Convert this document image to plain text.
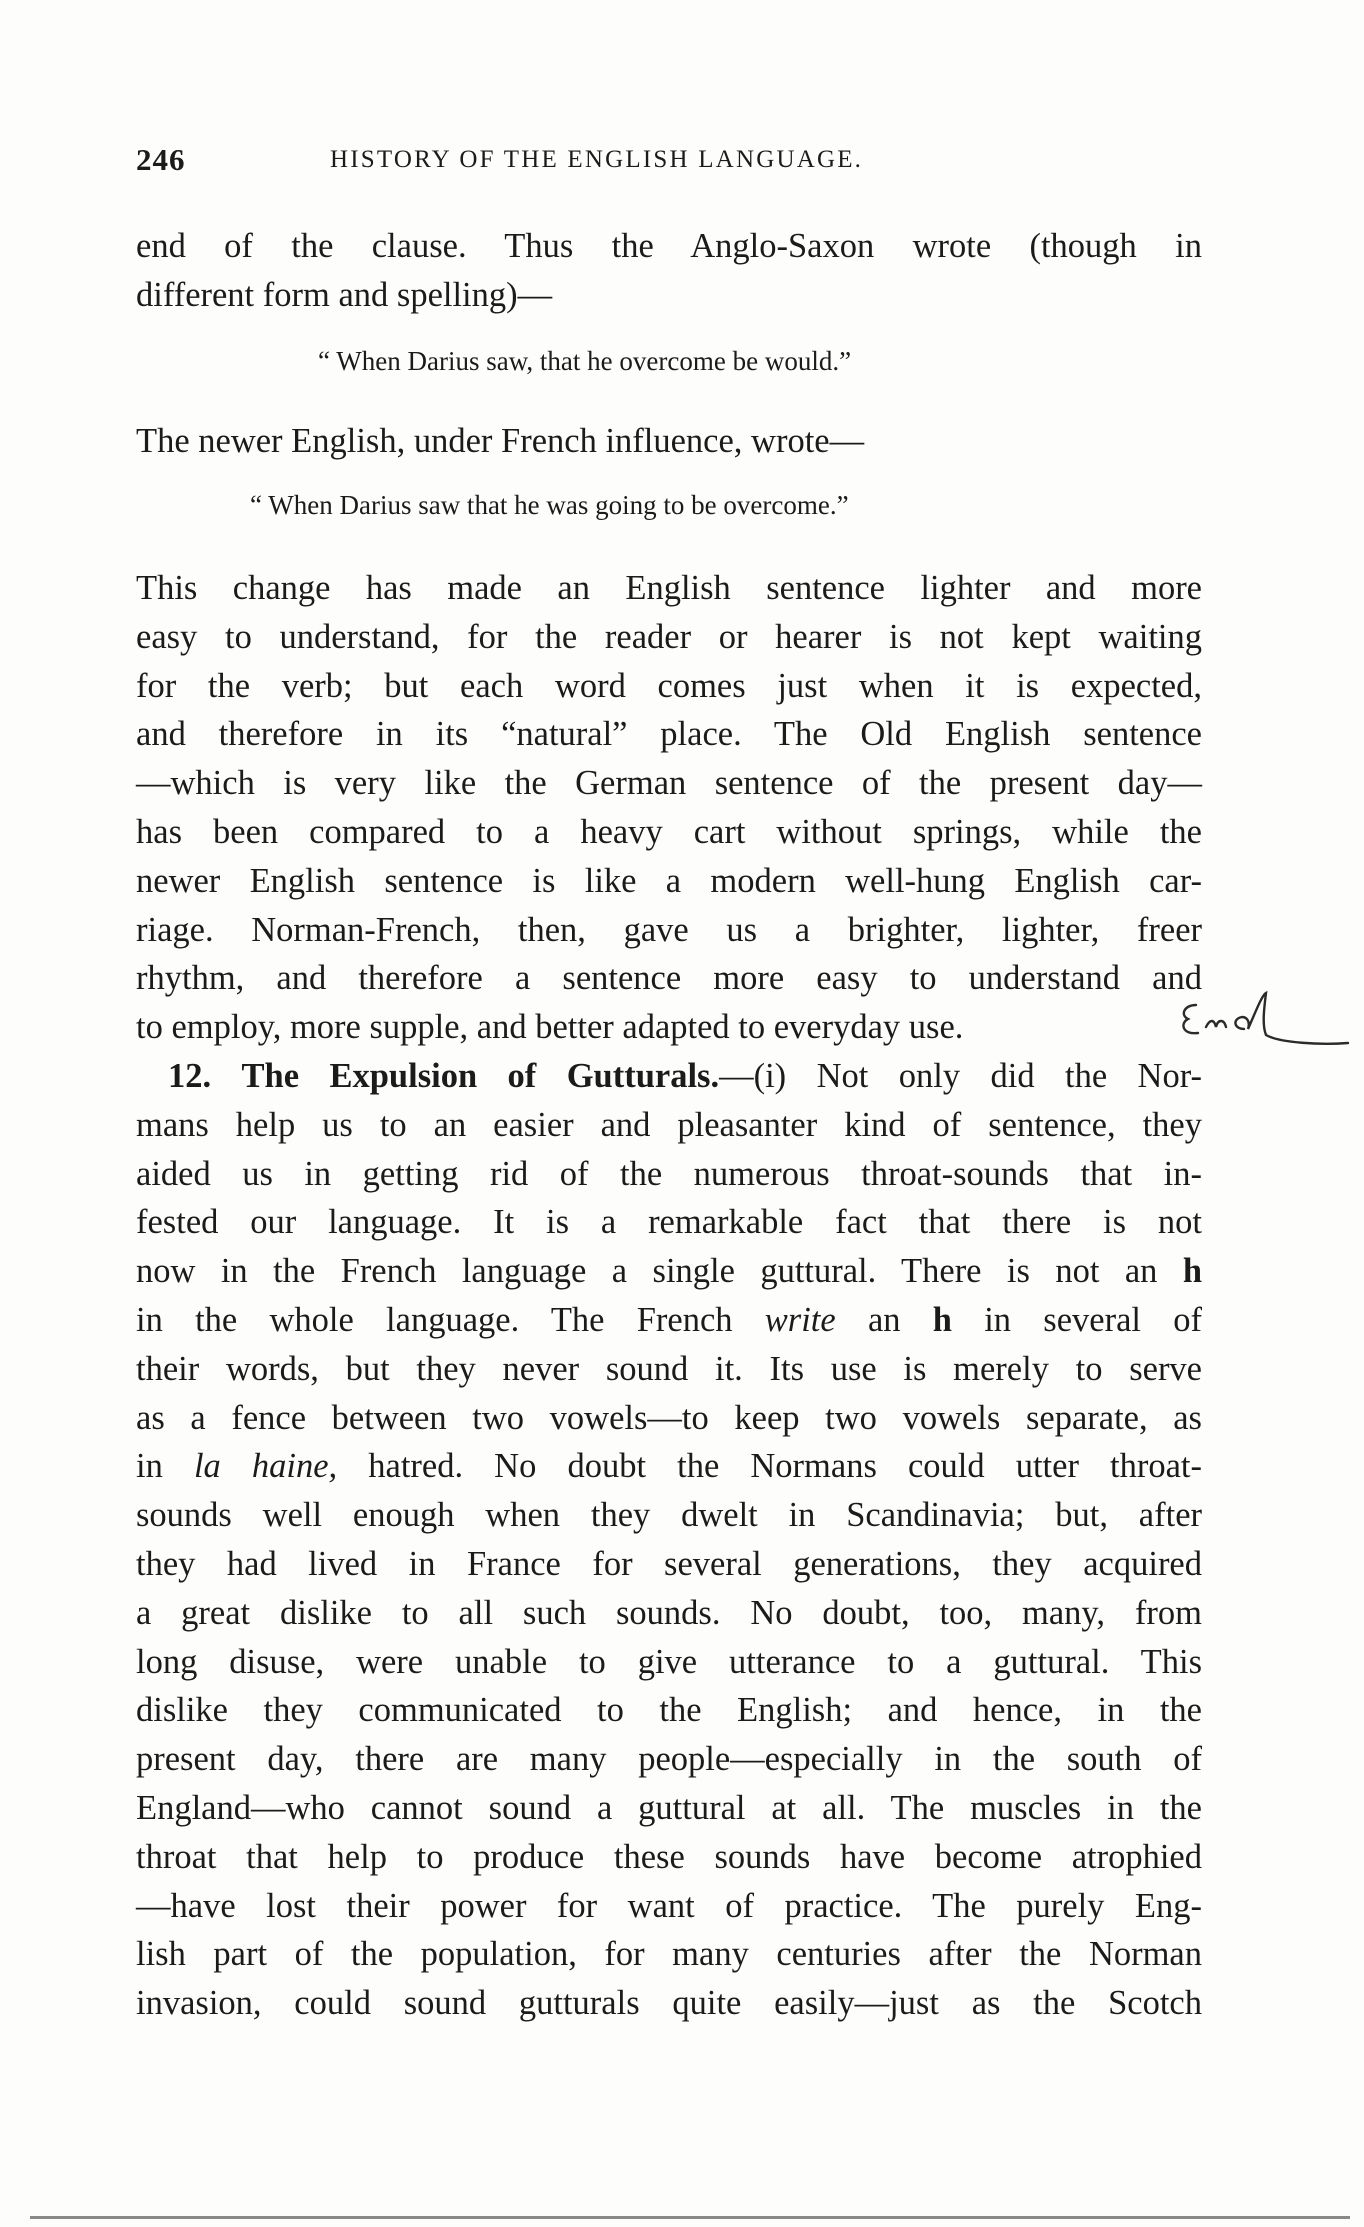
246	HISTORY OF THE ENGLISH LANGUAGE.
end of the clause. Thus the Anglo-Saxon wrote (though in
different form and spelling)—
“ When Darius saw, that he overcome be would.”
The newer English, under French influence, wrote—
“ When Darius saw that he was going to be overcome.”
This change has made an English sentence lighter and more
easy to understand, for the reader or hearer is not kept waiting
for the verb; but each word comes just when it is expected,
and therefore in its “natural” place. The Old English sentence
—which is very like the German sentence of the present day—
has been compared to a heavy cart without springs, while the
newer English sentence is like a modern well-hung English car-
riage. Norman-French, then, gave us a brighter, lighter, freer
rhythm, and therefore a sentence more easy to understand and
to employ, more supple, and better adapted to everyday use.
12. The Expulsion of Gutturals.—(i) Not only did the Nor-
mans help us to an easier and pleasanter kind of sentence, they
aided us in getting rid of the numerous throat-sounds that in-
fested our language. It is a remarkable fact that there is not
now in the French language a single guttural. There is not an h
in the whole language. The French write an h in several of
their words, but they never sound it. Its use is merely to serve
as a fence between two vowels—to keep two vowels separate, as
in la haine, hatred. No doubt the Normans could utter throat-
sounds well enough when they dwelt in Scandinavia; but, after
they had lived in France for several generations, they acquired
a great dislike to all such sounds. No doubt, too, many, from
long disuse, were unable to give utterance to a guttural. This
dislike they communicated to the English; and hence, in the
present day, there are many people—especially in the south of
England—who cannot sound a guttural at all. The muscles in the
throat that help to produce these sounds have become atrophied
—have lost their power for want of practice. The purely Eng-
lish part of the population, for many centuries after the Norman
invasion, could sound gutturals quite easily—just as the Scotch
